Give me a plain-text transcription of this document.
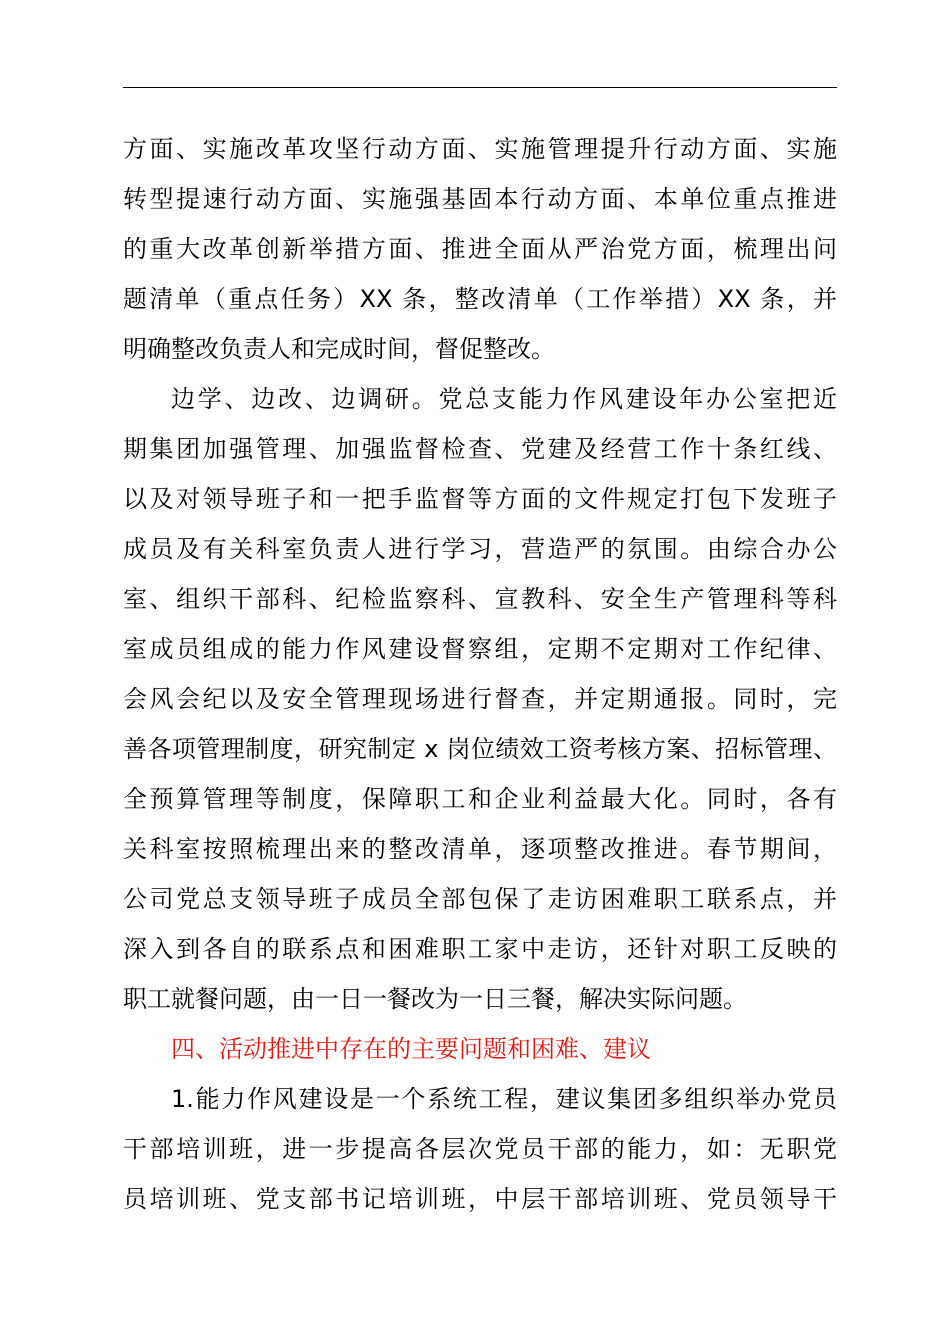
方面、实施改革攻坚行动方面、实施管理提升行动方面、实施
转型提速行动方面、实施强基固本行动方面、本单位重点推进
的重大改革创新举措方面、推进全面从严治党方面，梳理出问
题清单（重点任务）XX 条，整改清单（工作举措）XX 条，并
明确整改负责人和完成时间，督促整改。
边学、边改、边调研。党总支能力作风建设年办公室把近
期集团加强管理、加强监督检查、党建及经营工作十条红线、
以及对领导班子和一把手监督等方面的文件规定打包下发班子
成员及有关科室负责人进行学习，营造严的氛围。由综合办公
室、组织干部科、纪检监察科、宣教科、安全生产管理科等科
室成员组成的能力作风建设督察组，定期不定期对工作纪律、
会风会纪以及安全管理现场进行督查，并定期通报。同时，完
善各项管理制度，研究制定 x 岗位绩效工资考核方案、招标管理、
全预算管理等制度，保障职工和企业利益最大化。同时，各有
关科室按照梳理出来的整改清单，逐项整改推进。春节期间，
公司党总支领导班子成员全部包保了走访困难职工联系点，并
深入到各自的联系点和困难职工家中走访，还针对职工反映的
职工就餐问题，由一日一餐改为一日三餐，解决实际问题。
四、活动推进中存在的主要问题和困难、建议
1.能力作风建设是一个系统工程，建议集团多组织举办党员
干部培训班，进一步提高各层次党员干部的能力，如：无职党
员培训班、党支部书记培训班，中层干部培训班、党员领导干
